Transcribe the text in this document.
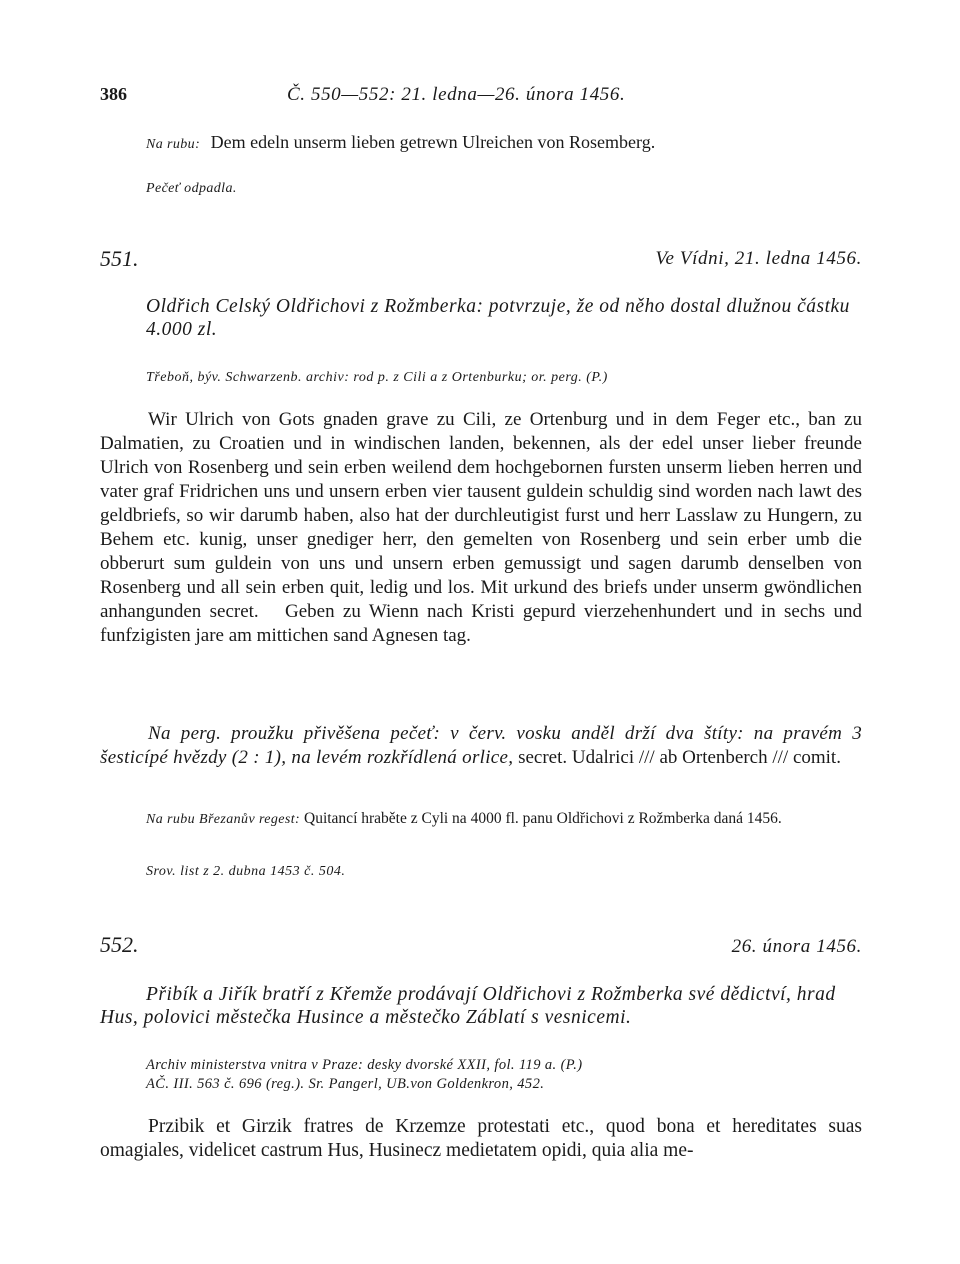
386	Č. 550—552: 21. ledna—26. února 1456.

Na rubu: Dem edeln unserm lieben getrewn Ulreichen von Rosemberg.

Pečeť odpadla.

551.	Ve Vídni, 21. ledna 1456.

Oldřich Celský Oldřichovi z Rožmberka: potvrzuje, že od něho dostal dlužnou částku 4.000 zl.

Třeboň, býv. Schwarzenb. archiv: rod p. z Cili a z Ortenburku; or. perg. (P.)

Wir Ulrich von Gots gnaden grave zu Cili, ze Ortenburg und in dem Feger etc., ban zu Dalmatien, zu Croatien und in windischen landen, bekennen, als der edel unser lieber freunde Ulrich von Rosenberg und sein erben weilend dem hochgebornen fursten unserm lieben herren und vater graf Fridrichen uns und unsern erben vier tausent guldein schuldig sind worden nach lawt des geldbriefs, so wir darumb haben, also hat der durchleutigist furst und herr Lasslaw zu Hungern, zu Behem etc. kunig, unser gnediger herr, den gemelten von Rosenberg und sein erber umb die obberurt sum guldein von uns und unsern erben gemussigt und sagen darumb denselben von Rosenberg und all sein erben quit, ledig und los. Mit urkund des briefs under unserm gwöndlichen anhangunden secret. Geben zu Wienn nach Kristi gepurd vierzehenhundert und in sechs und funfzigisten jare am mittichen sand Agnesen tag.

Na perg. proužku přivěšena pečeť: v červ. vosku anděl drží dva štíty: na pravém 3 šesticípé hvězdy (2 : 1), na levém rozkřídlená orlice, secret. Udalrici /// ab Ortenberch /// comit.

Na rubu Březanův regest: Quitancí hraběte z Cyli na 4000 fl. panu Oldřichovi z Rožmberka daná 1456.

Srov. list z 2. dubna 1453 č. 504.

552.	26. února 1456.

Přibík a Jiřík bratří z Křemže prodávají Oldřichovi z Rožmberka své dědictví, hrad Hus, polovici městečka Husince a městečko Záblatí s vesnicemi.

Archiv ministerstva vnitra v Praze: desky dvorské XXII, fol. 119 a. (P.)
AČ. III. 563 č. 696 (reg.). Sr. Pangerl, UB.von Goldenkron, 452.

Przibik et Girzik fratres de Krzemze protestati etc., quod bona et hereditates suas omagiales, videlicet castrum Hus, Husinecz medietatem opidi, quia alia me-
